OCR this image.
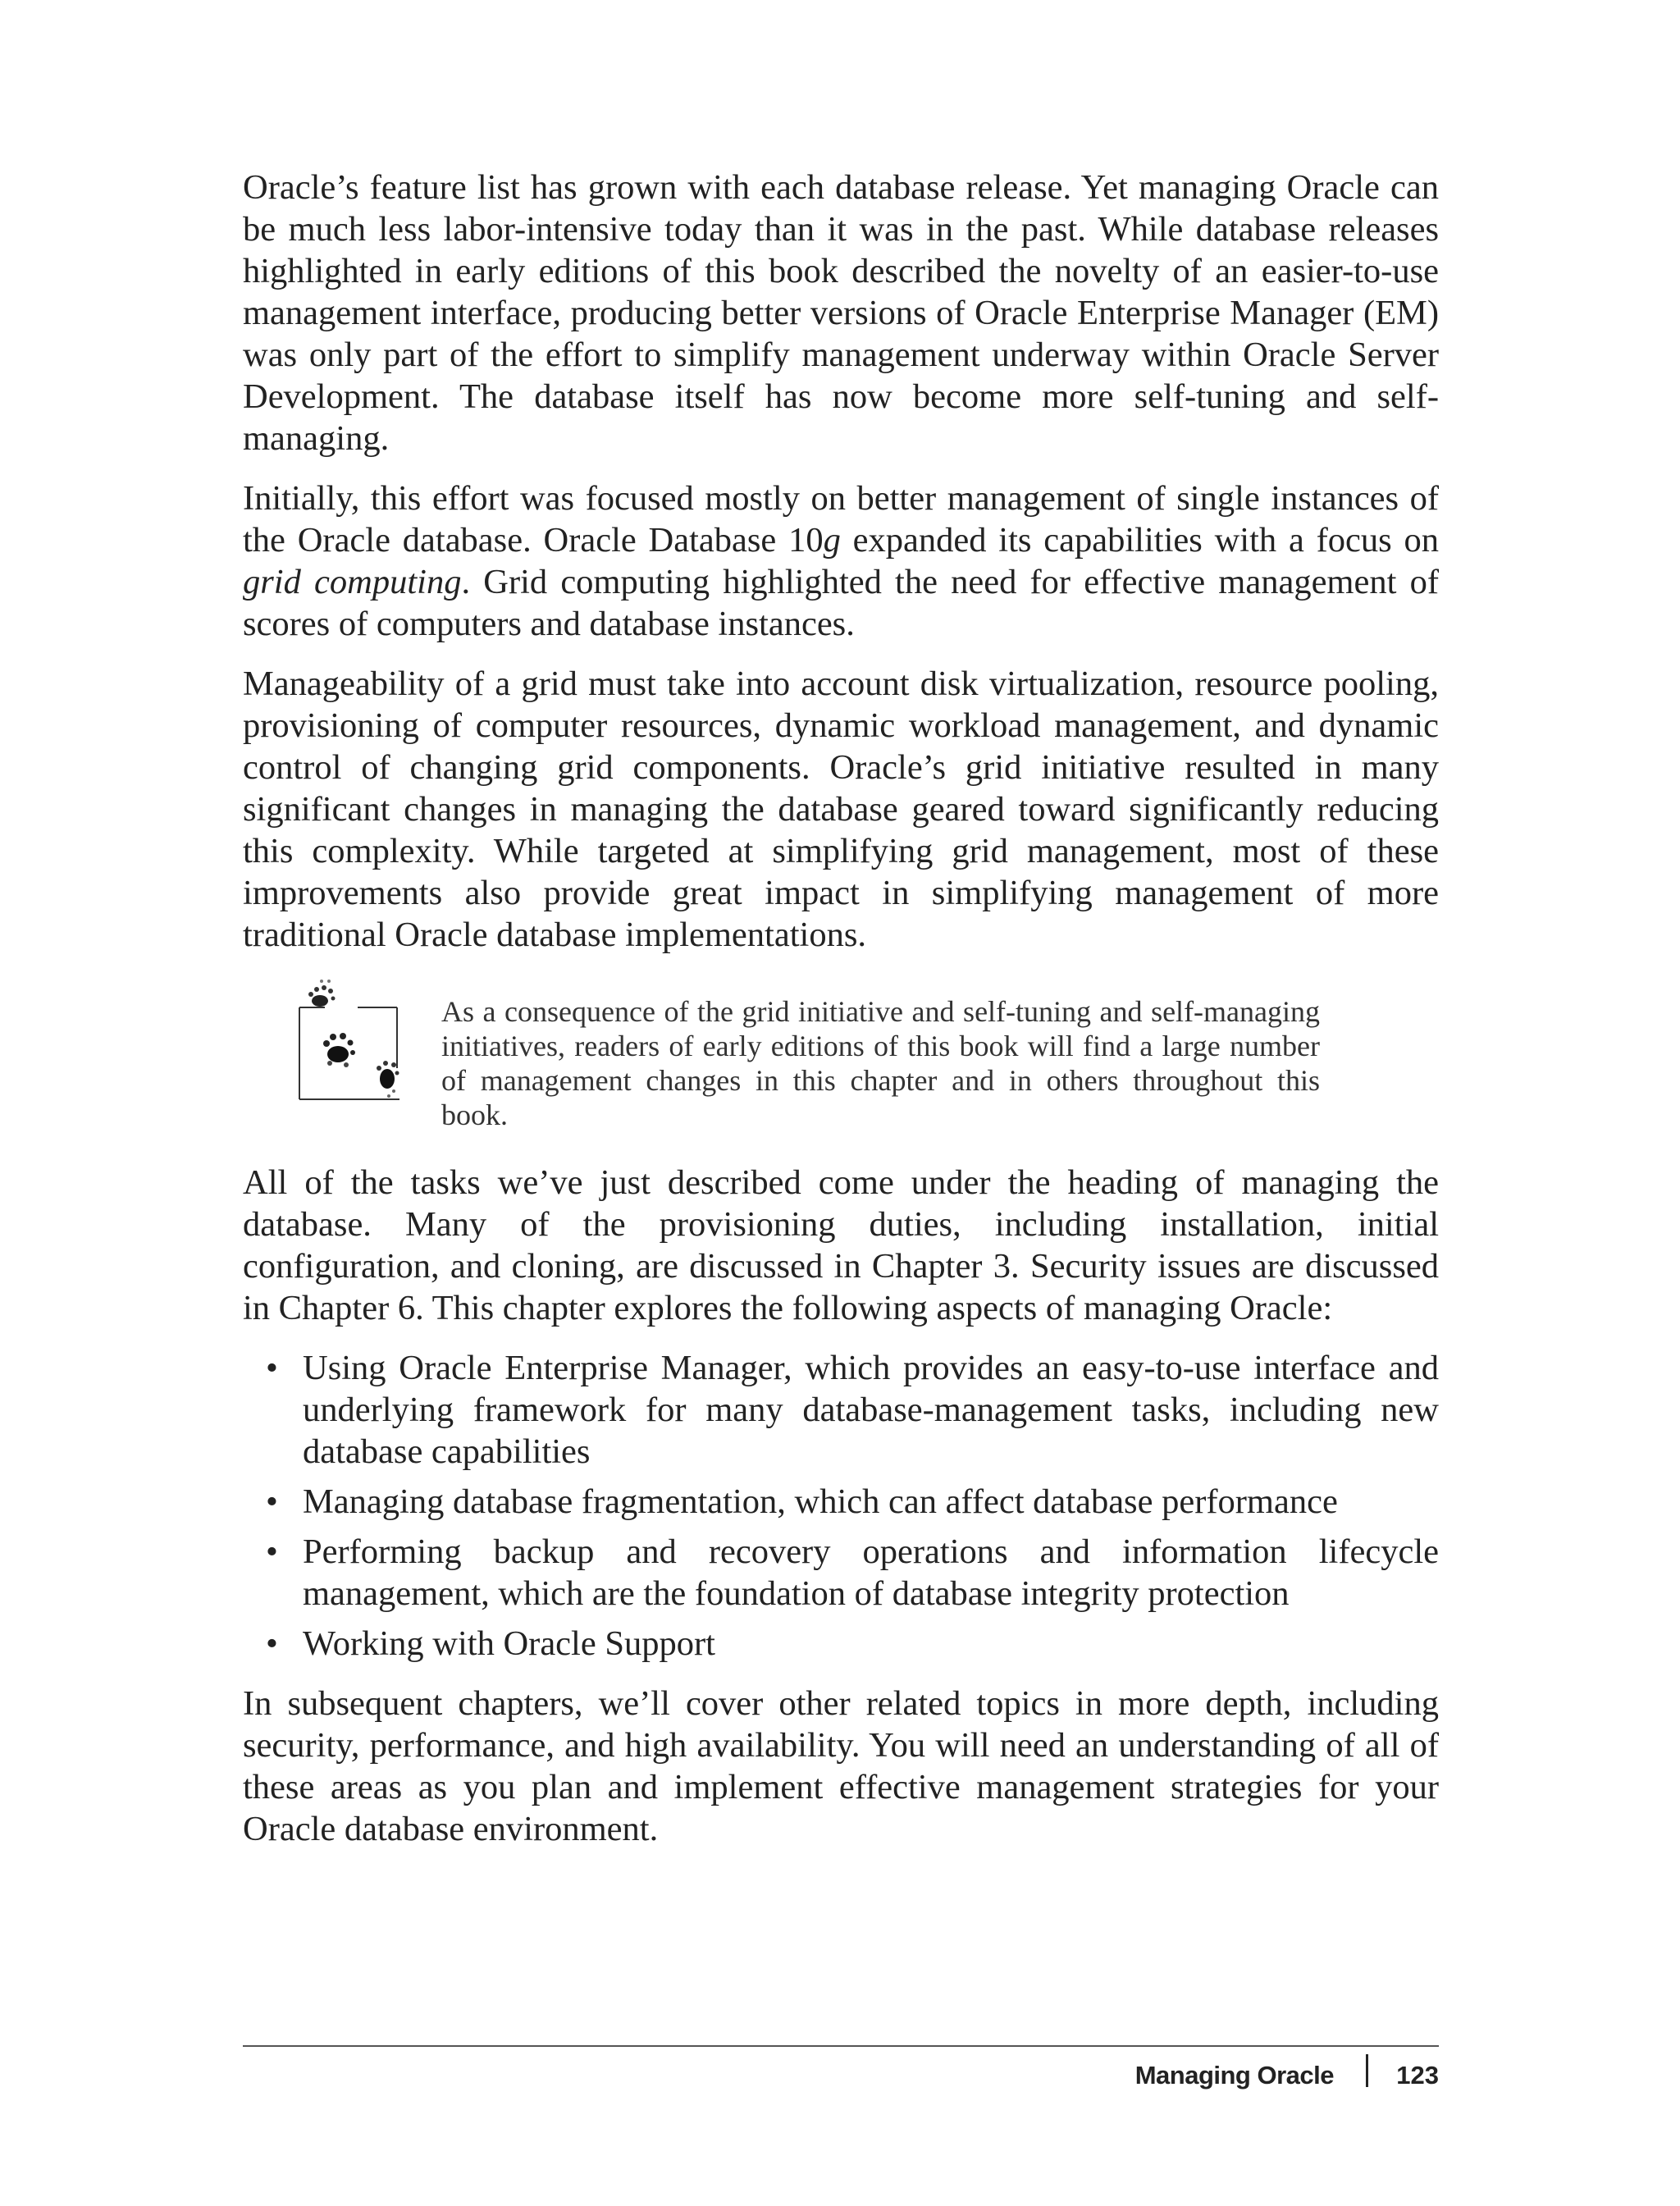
Oracle’s feature list has grown with each database release. Yet managing Oracle can be much less labor-intensive today than it was in the past. While database releases highlighted in early editions of this book described the novelty of an easier-to-use management interface, producing better versions of Oracle Enterprise Manager (EM) was only part of the effort to simplify management underway within Oracle Server Development. The database itself has now become more self-tuning and self-managing.

Initially, this effort was focused mostly on better management of single instances of the Oracle database. Oracle Database 10g expanded its capabilities with a focus on grid computing. Grid computing highlighted the need for effective management of scores of computers and database instances.

Manageability of a grid must take into account disk virtualization, resource pooling, provisioning of computer resources, dynamic workload management, and dynamic control of changing grid components. Oracle’s grid initiative resulted in many significant changes in managing the database geared toward significantly reducing this complexity. While targeted at simplifying grid management, most of these improvements also provide great impact in simplifying management of more traditional Oracle database implementations.

As a consequence of the grid initiative and self-tuning and self-managing initiatives, readers of early editions of this book will find a large number of management changes in this chapter and in others throughout this book.

All of the tasks we’ve just described come under the heading of managing the database. Many of the provisioning duties, including installation, initial configuration, and cloning, are discussed in Chapter 3. Security issues are discussed in Chapter 6. This chapter explores the following aspects of managing Oracle:

• Using Oracle Enterprise Manager, which provides an easy-to-use interface and underlying framework for many database-management tasks, including new database capabilities
• Managing database fragmentation, which can affect database performance
• Performing backup and recovery operations and information lifecycle management, which are the foundation of database integrity protection
• Working with Oracle Support

In subsequent chapters, we’ll cover other related topics in more depth, including security, performance, and high availability. You will need an understanding of all of these areas as you plan and implement effective management strategies for your Oracle database environment.

Managing Oracle 123
